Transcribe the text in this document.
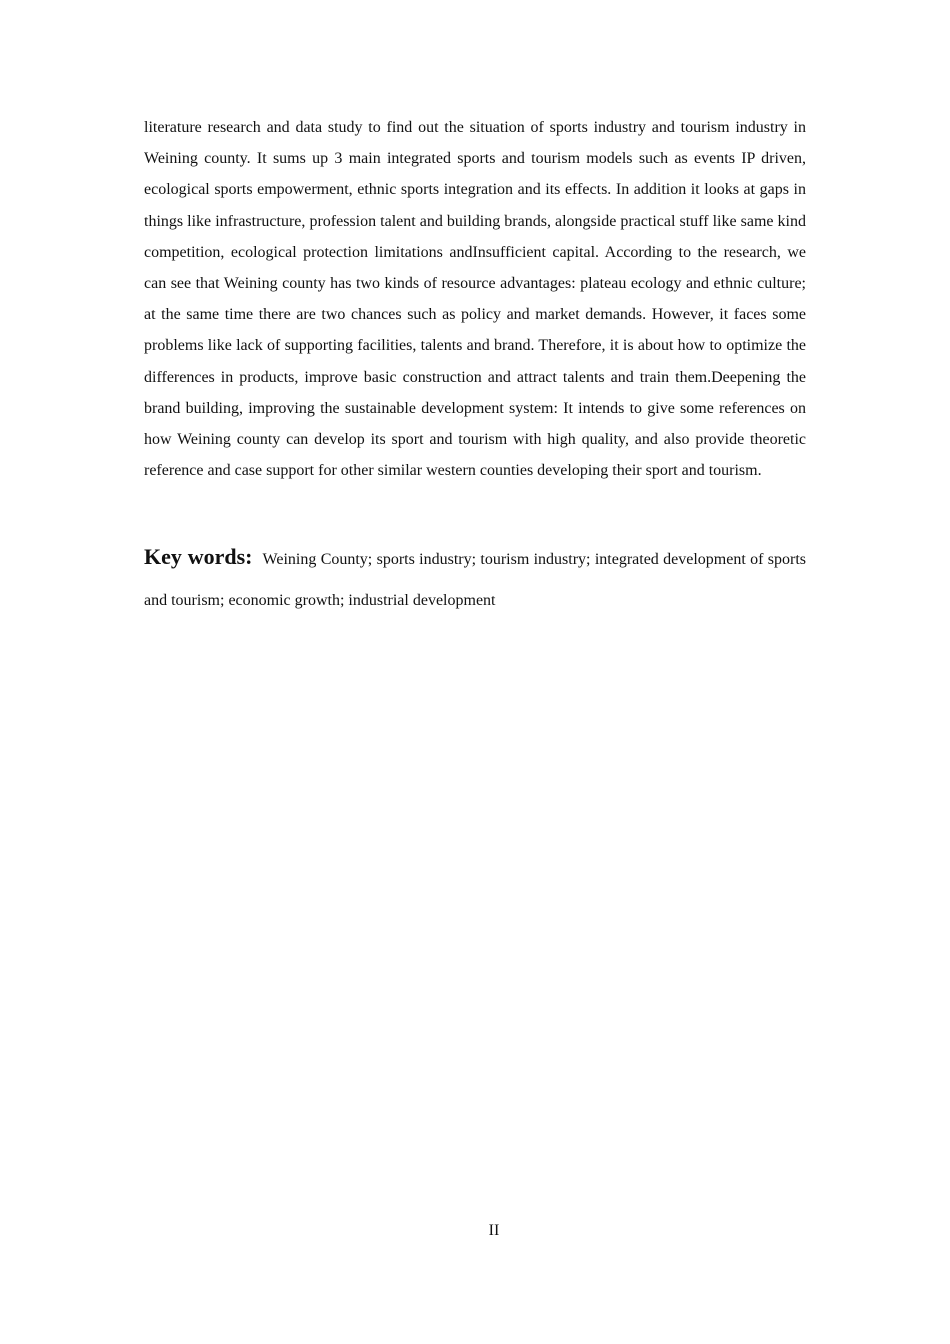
literature research and data study to find out the situation of sports industry and tourism industry in Weining county. It sums up 3 main integrated sports and tourism models such as events IP driven, ecological sports empowerment, ethnic sports integration and its effects. In addition it looks at gaps in things like infrastructure, profession talent and building brands, alongside practical stuff like same kind competition, ecological protection limitations andInsufficient capital. According to the research, we can see that Weining county has two kinds of resource advantages: plateau ecology and ethnic culture; at the same time there are two chances such as policy and market demands. However, it faces some problems like lack of supporting facilities, talents and brand. Therefore, it is about how to optimize the differences in products, improve basic construction and attract talents and train them.Deepening the brand building, improving the sustainable development system: It intends to give some references on how Weining county can develop its sport and tourism with high quality, and also provide theoretic reference and case support for other similar western counties developing their sport and tourism.

Key words: Weining County; sports industry; tourism industry; integrated development of sports and tourism; economic growth; industrial development

II
